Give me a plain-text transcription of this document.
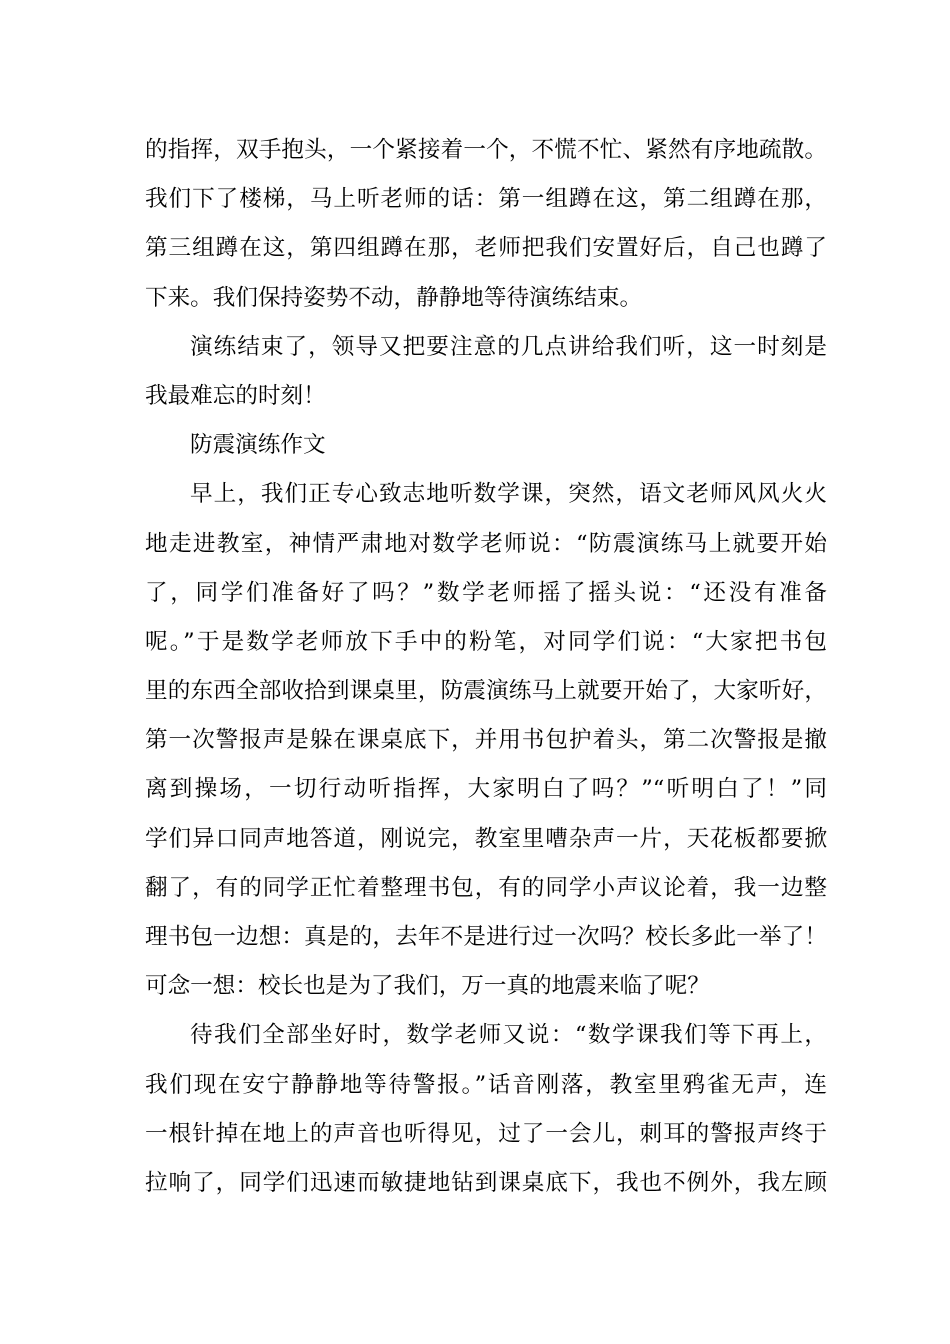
的指挥，双手抱头，一个紧接着一个，不慌不忙、紧然有序地疏散。
我们下了楼梯，马上听老师的话：第一组蹲在这，第二组蹲在那，
第三组蹲在这，第四组蹲在那，老师把我们安置好后，自己也蹲了
下来。我们保持姿势不动，静静地等待演练结束。
演练结束了，领导又把要注意的几点讲给我们听，这一时刻是
我最难忘的时刻！
防震演练作文
早上，我们正专心致志地听数学课，突然，语文老师风风火火
地走进教室，神情严肃地对数学老师说：“防震演练马上就要开始
了，同学们准备好了吗？”数学老师摇了摇头说：“还没有准备
呢。”于是数学老师放下手中的粉笔，对同学们说：“大家把书包
里的东西全部收拾到课桌里，防震演练马上就要开始了，大家听好，
第一次警报声是躲在课桌底下，并用书包护着头，第二次警报是撤
离到操场，一切行动听指挥，大家明白了吗？”“听明白了！”同
学们异口同声地答道，刚说完，教室里嘈杂声一片，天花板都要掀
翻了，有的同学正忙着整理书包，有的同学小声议论着，我一边整
理书包一边想：真是的，去年不是进行过一次吗？校长多此一举了！
可念一想：校长也是为了我们，万一真的地震来临了呢？
待我们全部坐好时，数学老师又说：“数学课我们等下再上，
我们现在安宁静静地等待警报。”话音刚落，教室里鸦雀无声，连
一根针掉在地上的声音也听得见，过了一会儿，刺耳的警报声终于
拉响了，同学们迅速而敏捷地钻到课桌底下，我也不例外，我左顾
